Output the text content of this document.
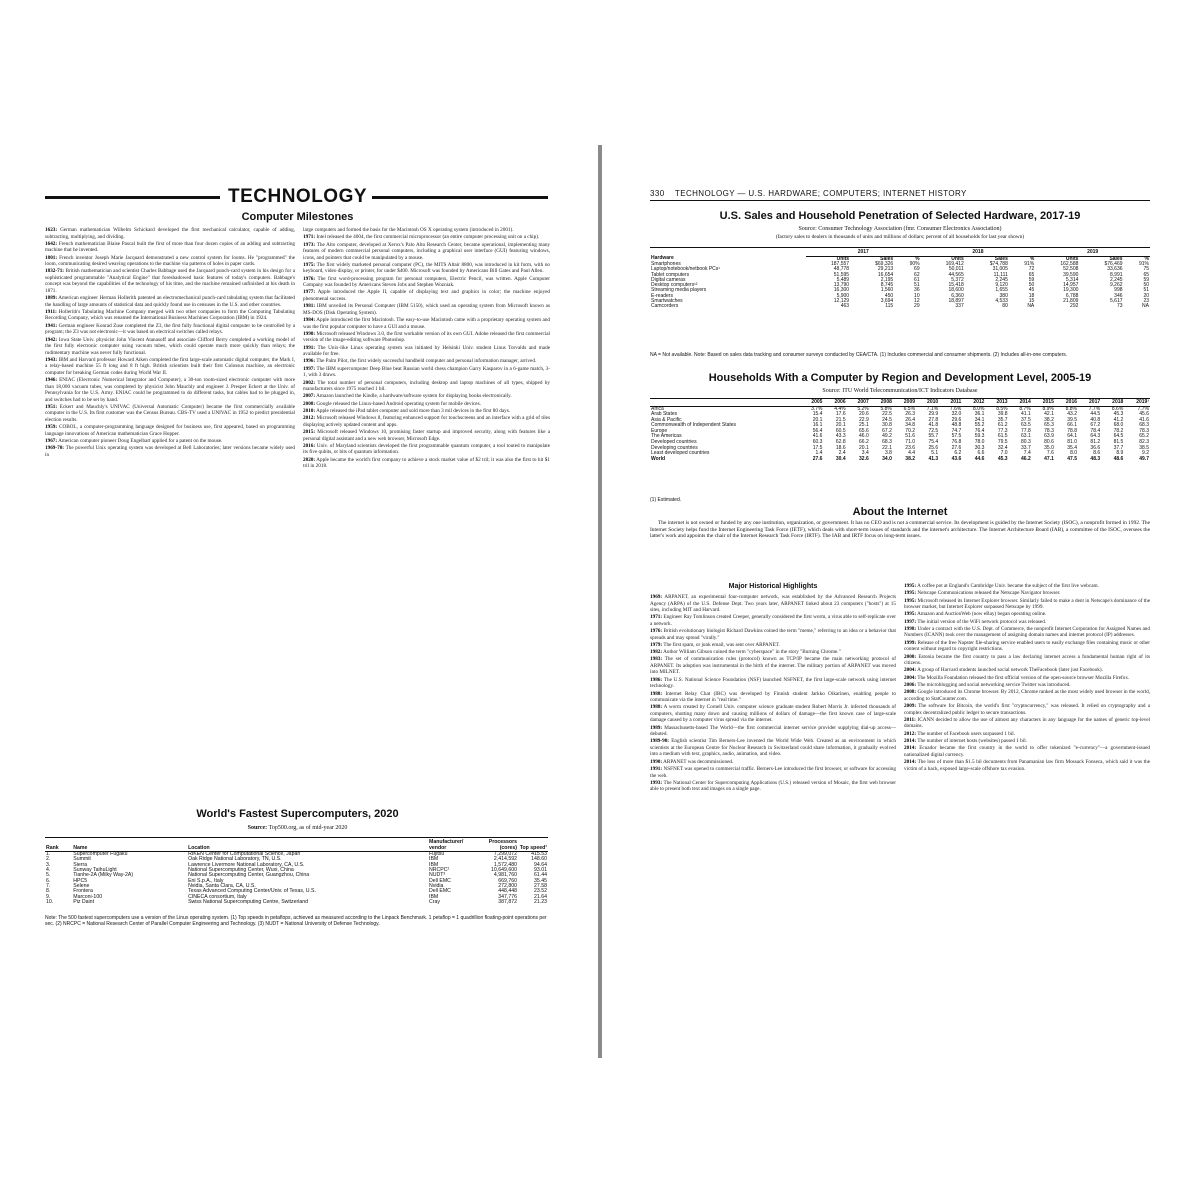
TECHNOLOGY
Computer Milestones

1623: German mathematician Wilhelm Schickard developed the first mechanical calculator, capable of adding, subtracting, multiplying, and dividing.

1642: French mathematician Blaise Pascal built the first of more than four dozen copies of an adding and subtracting machine that he invented.

1801: French inventor Joseph Marie Jacquard demonstrated a new control system for looms. He "programmed" the loom, communicating desired weaving operations to the machine via patterns of holes in paper cards.

1832-71: British mathematician and scientist Charles Babbage used the Jacquard punch-card system in his design for a sophisticated programmable "Analytical Engine" that foreshadowed basic features of today's computers. Babbage's concept was beyond the capabilities of the technology of his time, and the machine remained unfinished at his death in 1871.

1889: American engineer Herman Hollerith patented an electromechanical punch-card tabulating system that facilitated the handling of large amounts of statistical data and quickly found use in censuses in the U.S. and other countries.

1911: Hollerith's Tabulating Machine Company merged with two other companies to form the Computing Tabulating Recording Company, which was renamed the International Business Machines Corporation (IBM) in 1924.

1941: German engineer Konrad Zuse completed the Z3, the first fully functional digital computer to be controlled by a program; the Z3 was not electronic—it was based on electrical switches called relays.

1942: Iowa State Univ. physicist John Vincent Atanasoff and associate Clifford Berry completed a working model of the first fully electronic computer using vacuum tubes, which could operate much more quickly than relays; the rudimentary machine was never fully functional.

1943: IBM and Harvard professor Howard Aiken completed the first large-scale automatic digital computer, the Mark I, a relay-based machine 55 ft long and 8 ft high. British scientists built their first Colossus machine, an electronic computer for breaking German codes during World War II.

1946: ENIAC (Electronic Numerical Integrator and Computer), a 30-ton room-sized electronic computer with more than 18,000 vacuum tubes, was completed by physicist John Mauchly and engineer J. Presper Eckert at the Univ. of Pennsylvania for the U.S. Army. ENIAC could be programmed to do different tasks, but cables had to be plugged in, and switches had to be set by hand.

1951: Eckert and Mauchly's UNIVAC (Universal Automatic Computer) became the first commercially available computer in the U.S. Its first customer was the Census Bureau. CBS-TV used a UNIVAC in 1952 to predict presidential election results.

1959: COBOL, a computer-programming language designed for business use, first appeared, based on programming language innovations of American mathematician Grace Hopper.

1967: American computer pioneer Doug Engelbart applied for a patent on the mouse.

1969-70: The powerful Unix operating system was developed at Bell Laboratories; later versions became widely used in

large computers and formed the basis for the Macintosh OS X operating system (introduced in 2001).

1971: Intel released the 4004, the first commercial microprocessor (an entire computer processing unit on a chip).

1973: The Alto computer, developed at Xerox's Palo Alto Research Center, became operational, implementing many features of modern commercial personal computers, including a graphical user interface (GUI) featuring windows, icons, and pointers that could be manipulated by a mouse.

1975: The first widely marketed personal computer (PC), the MITS Altair 8800, was introduced in kit form, with no keyboard, video display, or printer, for under $400. Microsoft was founded by Americans Bill Gates and Paul Allen.

1976: The first word-processing program for personal computers, Electric Pencil, was written. Apple Computer Company was founded by Americans Steven Jobs and Stephen Wozniak.

1977: Apple introduced the Apple II, capable of displaying text and graphics in color; the machine enjoyed phenomenal success.

1981: IBM unveiled its Personal Computer (IBM 5150), which used an operating system from Microsoft known as MS-DOS (Disk Operating System).

1984: Apple introduced the first Macintosh. The easy-to-use Macintosh came with a proprietary operating system and was the first popular computer to have a GUI and a mouse.

1990: Microsoft released Windows 3.0, the first workable version of its own GUI. Adobe released the first commercial version of the image-editing software Photoshop.

1991: The Unix-like Linux operating system was initiated by Helsinki Univ. student Linus Torvalds and made available for free.

1996: The Palm Pilot, the first widely successful handheld computer and personal information manager, arrived.

1997: The IBM supercomputer Deep Blue beat Russian world chess champion Garry Kasparov in a 6-game match, 3-1, with 3 draws.

2002: The total number of personal computers, including desktop and laptop machines of all types, shipped by manufacturers since 1975 reached 1 bil.

2007: Amazon launched the Kindle, a hardware/software system for displaying books electronically.

2008: Google released the Linux-based Android operating system for mobile devices.

2010: Apple released the iPad tablet computer and sold more than 3 mil devices in the first 80 days.

2012: Microsoft released Windows 8, featuring enhanced support for touchscreens and an interface with a grid of tiles displaying actively updated content and apps.

2015: Microsoft released Windows 10, promising faster startup and improved security, along with features like a personal digital assistant and a new web browser, Microsoft Edge.

2016: Univ. of Maryland scientists developed the first programmable quantum computer, a tool touted to manipulate its five qubits, or bits of quantum information.

2020: Apple became the world's first company to achieve a stock market value of $2 tril; it was also the first to hit $1 tril in 2018.

World's Fastest Supercomputers, 2020
Source: Top500.org, as of mid-year 2020
Rank	Name	Location	Manufacturer/ vendor	Processors (cores)	Top speed¹
1.	Supercomputer Fugaku	RIKEN Center for Computational Science, Japan	Fujitsu	7,299,072	415.53
2.	Summit	Oak Ridge National Laboratory, TN, U.S.	IBM	2,414,592	148.60
3.	Sierra	Lawrence Livermore National Laboratory, CA, U.S.	IBM	1,572,480	94.64
4.	Sunway TaihuLight	National Supercomputing Center, Wuxi, China	NRCPC²	10,649,600	93.01
5.	Tianhe-2A (Milky Way-2A)	National Supercomputing Center, Guangzhou, China	NUDT³	4,981,760	61.44
6.	HPC5	Eni S.p.A., Italy	Dell EMC	669,760	35.45
7.	Selene	Nvidia, Santa Clara, CA, U.S.	Nvidia	272,800	27.58
8.	Frontera	Texas Advanced Computing Center/Univ. of Texas, U.S.	Dell EMC	448,448	23.52
9.	Marconi-100	CINECA consortium, Italy	IBM	347,776	21.64
10.	Piz Daint	Swiss National Supercomputing Centre, Switzerland	Cray	387,872	21.23
Note: The 500 fastest supercomputers use a version of the Linux operating system. (1) Top speeds in petaflops, achieved as measured according to the Linpack Benchmark. 1 petaflop = 1 quadrillion floating-point operations per sec. (2) NRCPC = National Research Center of Parallel Computer Engineering and Technology. (3) NUDT = National University of Defense Technology.
330 TECHNOLOGY — U.S. HARDWARE; COMPUTERS; INTERNET HISTORY
U.S. Sales and Household Penetration of Selected Hardware, 2017-19
Source: Consumer Technology Association (fmr. Consumer Electronics Association)
(factory sales to dealers in thousands of units and millions of dollars; percent of all households for last year shown)
	2017			2018			2019		
Hardware	Units	Sales	%	Units	Sales	%	Units	Sales	%
Smartphones	187,557	$69,326	90%	169,412	$74,788	91%	162,588	$76,469	91%
Laptop/notebook/netbook PCs¹	48,778	29,213	69	50,011	31,005	72	52,508	33,636	75
Tablet computers	51,595	16,654	62	44,565	11,111	65	39,590	8,991	65
Digital cameras	5,489	2,195	61	5,372	2,245	59	5,314	2,245	59
Desktop computers¹²	13,790	8,745	51	15,418	9,120	50	14,957	9,262	50
Streaming media players	16,300	1,560	36	18,600	1,655	45	19,300	998	51
E-readers	5,900	450	10	6,360	380	18	6,788	346	20
Smartwatches	12,129	3,694	12	18,897	4,533	15	21,809	5,617	23
Camcorders	463	115	29	337	80	NA	292	73	NA
NA = Not available. Note: Based on sales data tracking and consumer surveys conducted by CEA/CTA. (1) Includes commercial and consumer shipments. (2) Includes all-in-one computers.
Households With a Computer by Region and Development Level, 2005-19
Source: ITU World Telecommunication/ICT Indicators Database
	2005	2006	2007	2008	2009	2010	2011	2012	2013	2014	2015	2016	2017	2018	2019¹
Africa	3.7%	4.4%	5.2%	5.8%	6.5%	7.1%	7.6%	8.0%	8.5%	8.7%	8.9%	8.8%	7.7%	8.6%	7.7%
Arab States	15.4	17.6	20.6	22.5	26.3	29.9	32.0	36.1	39.8	41.1	42.1	43.2	44.5	45.3	45.6
Asia & Pacific	20.1	21.5	22.9	24.5	26.4	27.8	29.6	34.1	35.7	37.5	38.2	39.5	40.8	41.2	41.6
Commonwealth of Independent States	16.1	20.1	25.1	30.8	34.8	41.8	48.8	55.2	61.2	63.5	65.3	66.1	67.2	68.0	68.3
Europe	56.4	60.5	65.6	67.2	70.2	72.5	74.7	76.4	77.3	77.8	78.3	78.8	78.4	78.2	78.3
The Americas	41.6	43.3	46.0	49.2	51.6	55.7	57.5	59.3	61.5	63.1	63.9	64.1	64.3	64.5	65.2
Developed countries	60.3	62.8	66.2	68.3	71.0	75.4	76.8	78.0	79.5	80.3	80.6	81.0	81.2	81.5	82.3
Developing countries	17.5	18.6	20.1	22.1	23.6	25.6	27.6	30.3	32.4	33.7	35.0	35.4	36.6	37.7	38.5
Least developed countries	1.4	2.4	3.4	3.8	4.4	5.1	6.2	6.6	7.0	7.4	7.6	8.0	8.6	8.9	9.2
World	27.6	30.4	32.6	34.0	38.2	41.3	43.6	44.6	45.3	46.2	47.1	47.5	48.3	48.6	49.7
(1) Estimated.
About the Internet
The internet is not owned or funded by any one institution, organization, or government. It has no CEO and is not a commercial service. Its development is guided by the Internet Society (ISOC), a nonprofit formed in 1992. The Internet Society helps fund the Internet Engineering Task Force (IETF), which deals with short-term issues of standards and the internet's architecture. The Internet Architecture Board (IAB), a committee of the ISOC, oversees the latter's work and appoints the chair of the Internet Research Task Force (IRTF). The IAB and IRTF focus on long-term issues.
Major Historical Highlights

1969: ARPANET, an experimental four-computer network, was established by the Advanced Research Projects Agency (ARPA) of the U.S. Defense Dept. Two years later, ARPANET linked about 23 computers ("hosts") at 15 sites, including MIT and Harvard.

1971: Engineer Ray Tomlinson created Creeper, generally considered the first worm, a virus able to self-replicate over a network.

1976: British evolutionary biologist Richard Dawkins coined the term "meme," referring to an idea or a behavior that spreads and may spread "virally."

1979: The first spam, or junk email, was sent over ARPANET.

1982: Author William Gibson coined the term "cyberspace" in the story "Burning Chrome."

1983: The set of communication rules (protocol) known as TCP/IP became the main networking protocol of ARPANET. Its adoption was instrumental in the birth of the internet. The military portion of ARPANET was moved into MILNET.

1986: The U.S. National Science Foundation (NSF) launched NSFNET, the first large-scale network using internet technology.

1988: Internet Relay Chat (IRC) was developed by Finnish student Jarkko Oikarinen, enabling people to communicate via the internet in "real time."

1988: A worm created by Cornell Univ. computer science graduate student Robert Morris Jr. infected thousands of computers, shutting many down and causing millions of dollars of damage—the first known case of large-scale damage caused by a computer virus spread via the internet.

1989: Massachusetts-based The World—the first commercial internet service provider supplying dial-up access—debuted.

1989-90: English scientist Tim Berners-Lee invented the World Wide Web. Created as an environment in which scientists at the European Centre for Nuclear Research in Switzerland could share information, it gradually evolved into a medium with text, graphics, audio, animation, and video.

1990: ARPANET was decommissioned.

1991: NSFNET was opened to commercial traffic. Berners-Lee introduced the first browser, or software for accessing the web.

1993: The National Center for Supercomputing Applications (U.S.) released version of Mosaic, the first web browser able to present both text and images on a single page.

1995: A coffee pot at England's Cambridge Univ. became the subject of the first live webcam.

1995: Netscape Communications released the Netscape Navigator browser.

1995: Microsoft released its Internet Explorer browser. Similarly failed to make a dent in Netscape's dominance of the browser market, but Internet Explorer surpassed Netscape by 1999.

1995: Amazon and AuctionWeb (now eBay) began operating online.

1997: The initial version of the WiFi network protocol was released.

1998: Under a contract with the U.S. Dept. of Commerce, the nonprofit Internet Corporation for Assigned Names and Numbers (ICANN) took over the management of assigning domain names and internet protocol (IP) addresses.

1999: Release of the free Napster file-sharing service enabled users to easily exchange files containing music or other content without regard to copyright restrictions.

2000: Estonia became the first country to pass a law declaring internet access a fundamental human right of its citizens.

2004: A group of Harvard students launched social network TheFacebook (later just Facebook).

2004: The Mozilla Foundation released the first official version of the open-source browser Mozilla Firefox.

2006: The microblogging and social networking service Twitter was introduced.

2008: Google introduced its Chrome browser. By 2012, Chrome ranked as the most widely used browser in the world, according to StatCounter.com.

2009: The software for Bitcoin, the world's first "cryptocurrency," was released. It relied on cryptography and a complex decentralized public ledger to secure transactions.

2011: ICANN decided to allow the use of almost any characters in any language for the names of generic top-level domains.

2012: The number of Facebook users surpassed 1 bil.

2014: The number of internet hosts (websites) passed 1 bil.

2014: Ecuador became the first country in the world to offer tokenized "e-currency"—a government-issued nationalized digital currency.

2014: The loss of more than $1.5 bil documents from Panamanian law firm Mossack Fonseca, which said it was the victim of a hack, exposed large-scale offshore tax evasion.
